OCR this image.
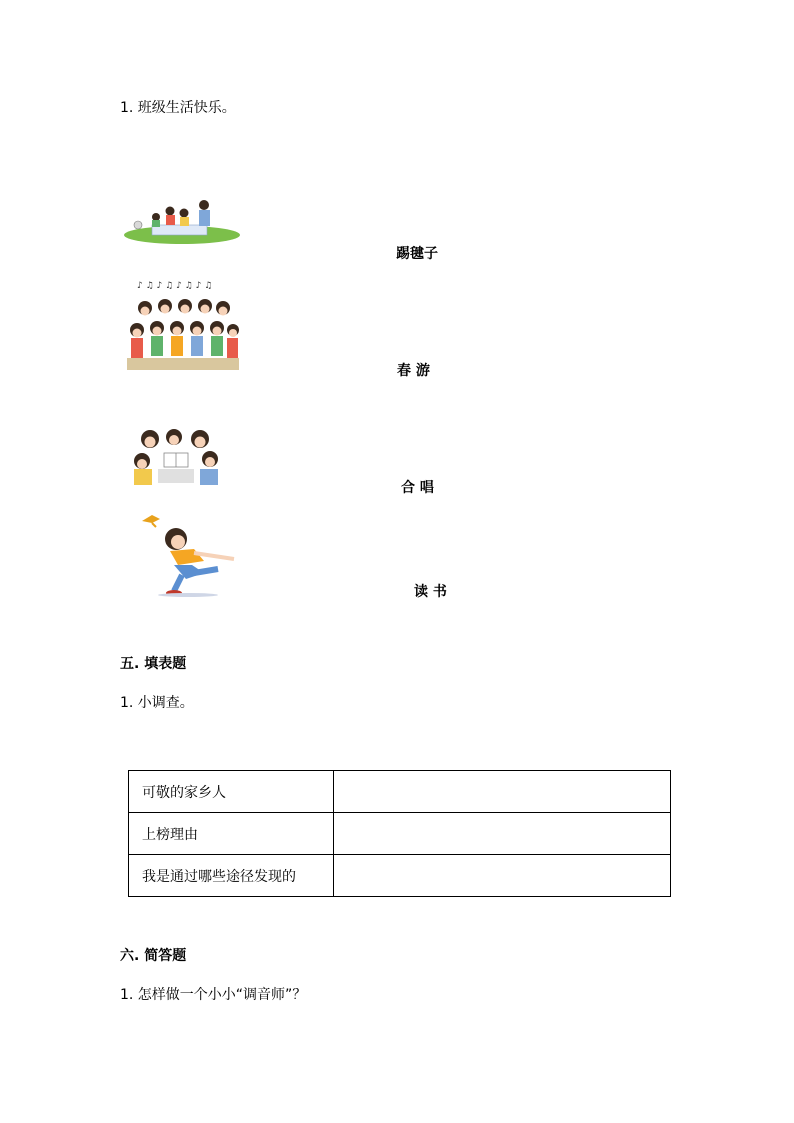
1. 班级生活快乐。
踢毽子
♪ ♫ ♪ ♫ ♪ ♫ ♪ ♫
春 游
合 唱
读 书
五. 填表题
1. 小调查。
可敬的家乡人	
上榜理由	
我是通过哪些途径发现的	
六. 简答题
1. 怎样做一个小小“调音师”？
